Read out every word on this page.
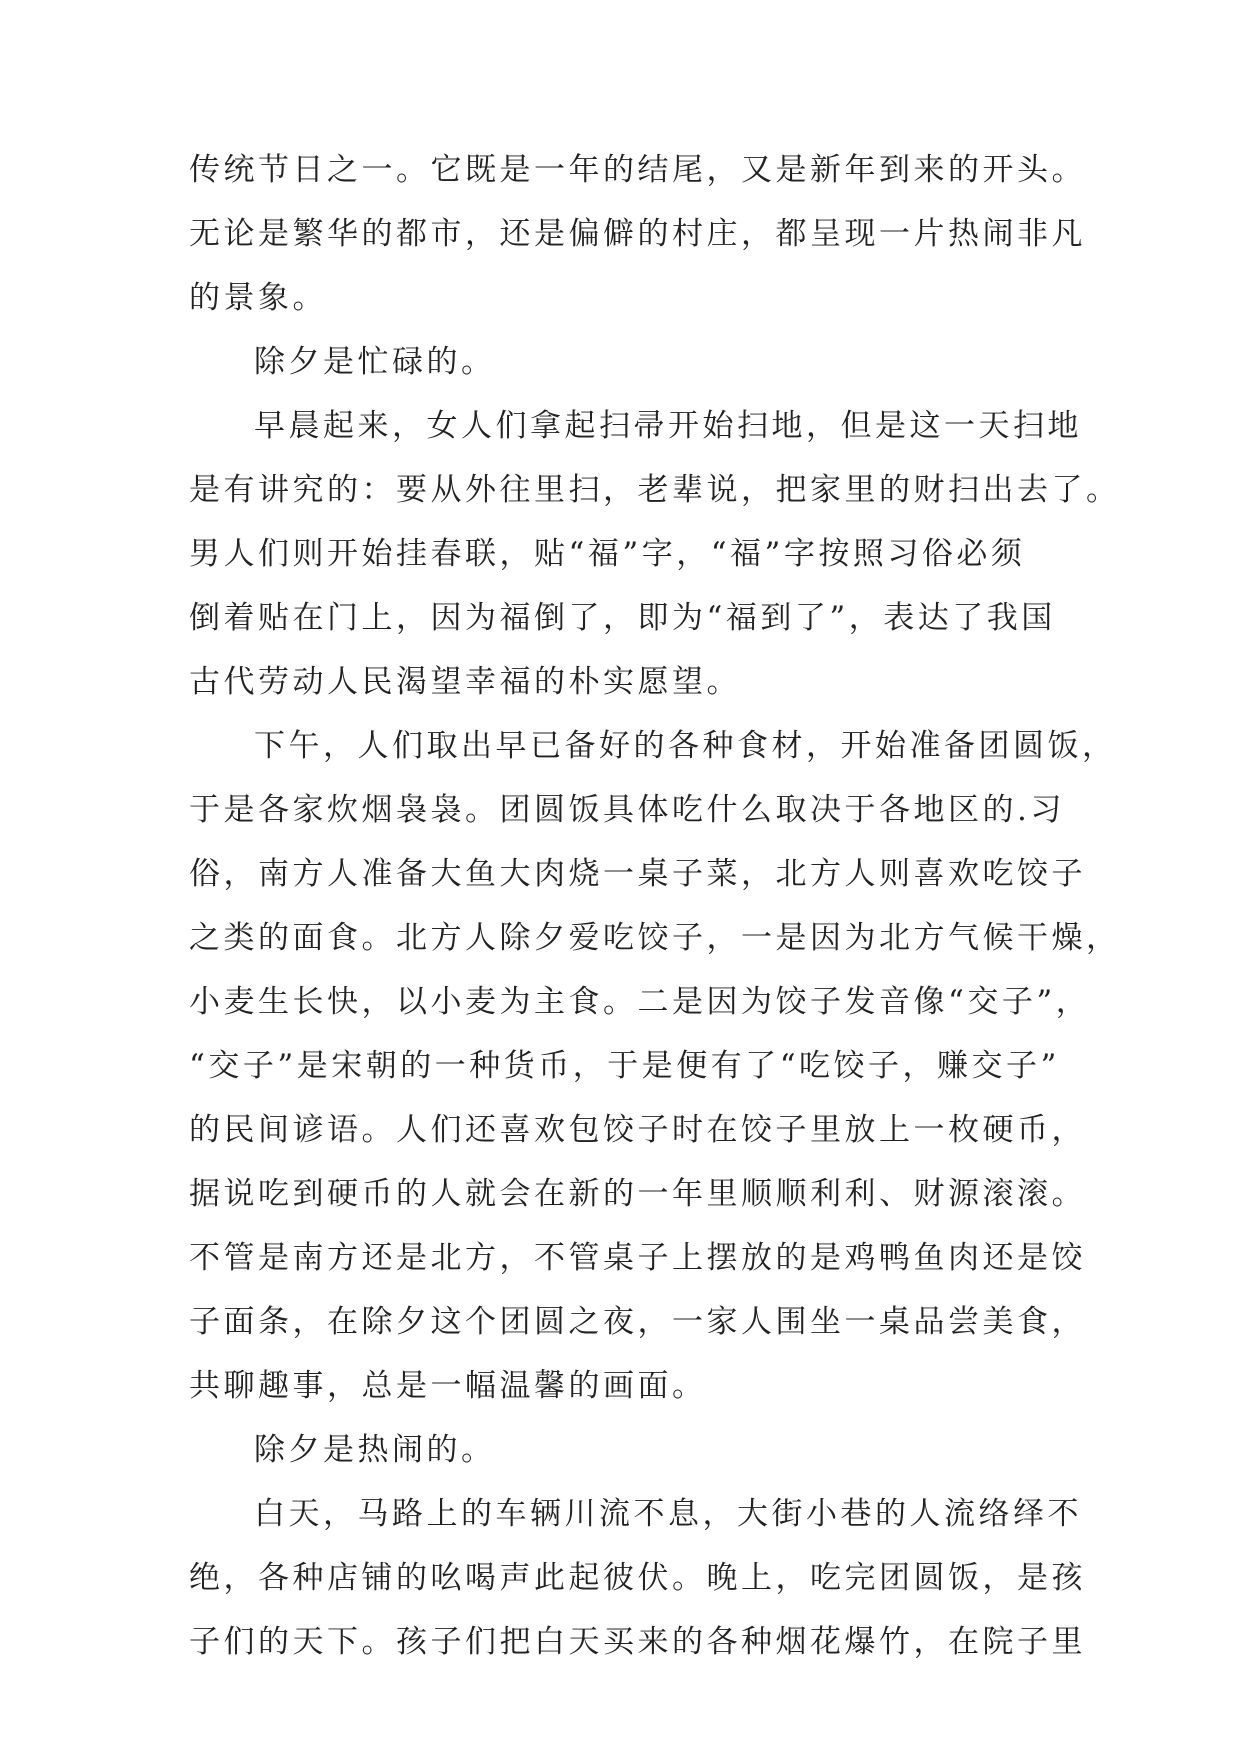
传统节日之一。它既是一年的结尾，又是新年到来的开头。

无论是繁华的都市，还是偏僻的村庄，都呈现一片热闹非凡

的景象。

除夕是忙碌的。

早晨起来，女人们拿起扫帚开始扫地，但是这一天扫地

是有讲究的：要从外往里扫，老辈说，把家里的财扫出去了。

男人们则开始挂春联，贴“福”字，“福”字按照习俗必须

倒着贴在门上，因为福倒了，即为“福到了”，表达了我国

古代劳动人民渴望幸福的朴实愿望。

下午，人们取出早已备好的各种食材，开始准备团圆饭，

于是各家炊烟袅袅。团圆饭具体吃什么取决于各地区的.习

俗，南方人准备大鱼大肉烧一桌子菜，北方人则喜欢吃饺子

之类的面食。北方人除夕爱吃饺子，一是因为北方气候干燥，

小麦生长快，以小麦为主食。二是因为饺子发音像“交子”，

“交子”是宋朝的一种货币，于是便有了“吃饺子，赚交子”

的民间谚语。人们还喜欢包饺子时在饺子里放上一枚硬币，

据说吃到硬币的人就会在新的一年里顺顺利利、财源滚滚。

不管是南方还是北方，不管桌子上摆放的是鸡鸭鱼肉还是饺

子面条，在除夕这个团圆之夜，一家人围坐一桌品尝美食，

共聊趣事，总是一幅温馨的画面。

除夕是热闹的。

白天，马路上的车辆川流不息，大街小巷的人流络绎不

绝，各种店铺的吆喝声此起彼伏。晚上，吃完团圆饭，是孩

子们的天下。孩子们把白天买来的各种烟花爆竹，在院子里
